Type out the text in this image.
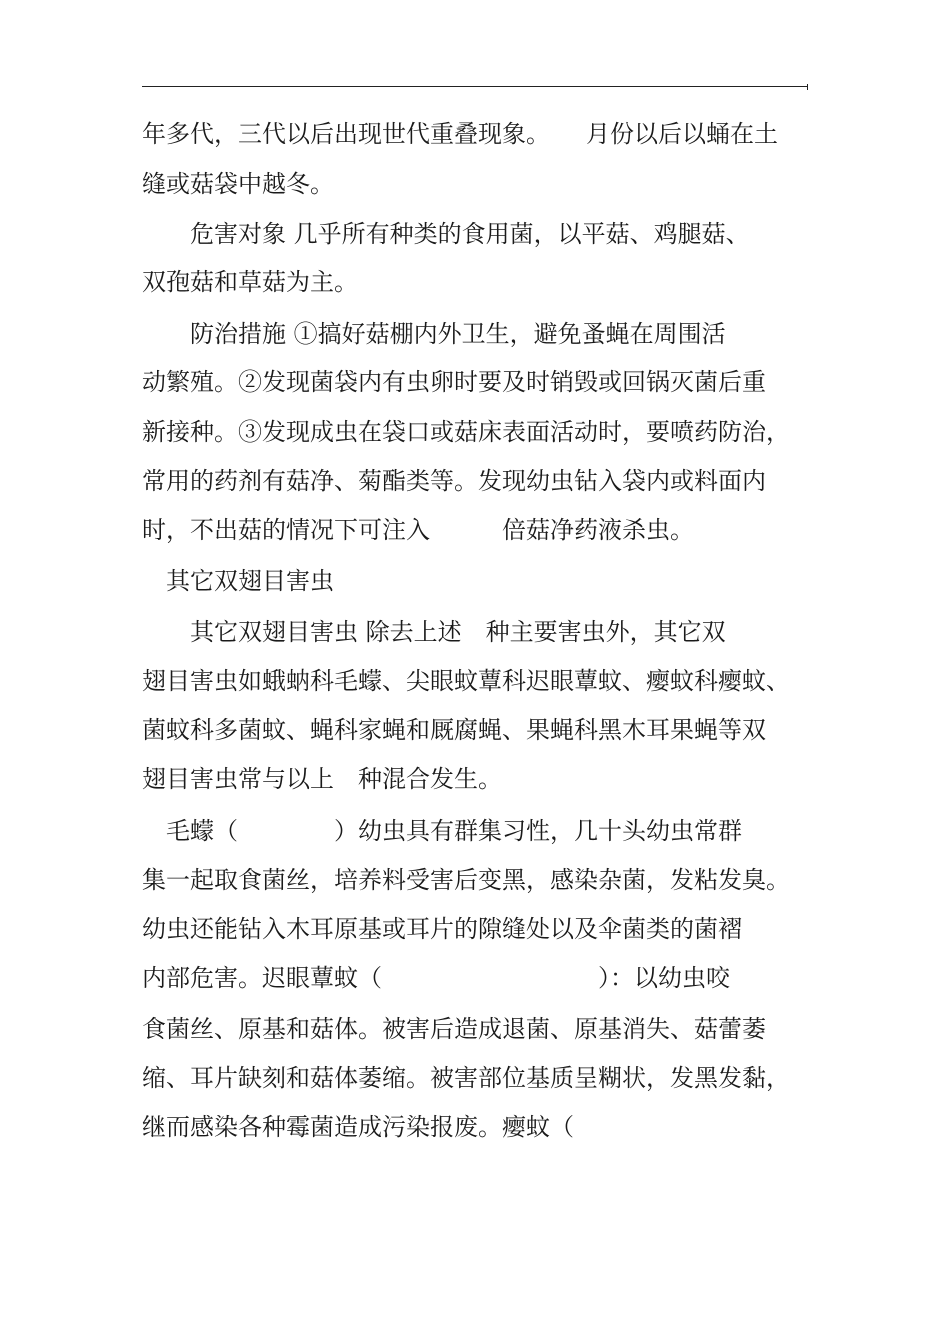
年多代，三代以后出现世代重叠现象。　　月份以后以蛹在土
缝或菇袋中越冬。
　　危害对象 几乎所有种类的食用菌，以平菇、鸡腿菇、
双孢菇和草菇为主。
　　防治措施 ①搞好菇棚内外卫生，避免蚤蝇在周围活
动繁殖。②发现菌袋内有虫卵时要及时销毁或回锅灭菌后重
新接种。③发现成虫在袋口或菇床表面活动时，要喷药防治，
常用的药剂有菇净、菊酯类等。发现幼虫钻入袋内或料面内
时，不出菇的情况下可注入　　　倍菇净药液杀虫。
　其它双翅目害虫
　　其它双翅目害虫 除去上述　种主要害虫外，其它双
翅目害虫如蛾蚋科毛蠓、尖眼蚊蕈科迟眼蕈蚊、瘿蚊科瘿蚊、
菌蚊科多菌蚊、蝇科家蝇和厩腐蝇、果蝇科黑木耳果蝇等双
翅目害虫常与以上　种混合发生。
　毛蠓（　　　　）幼虫具有群集习性，几十头幼虫常群
集一起取食菌丝，培养料受害后变黑，感染杂菌，发粘发臭。
幼虫还能钻入木耳原基或耳片的隙缝处以及伞菌类的菌褶
内部危害。迟眼蕈蚊（　　　　　　　　　）：以幼虫咬
食菌丝、原基和菇体。被害后造成退菌、原基消失、菇蕾萎
缩、耳片缺刻和菇体萎缩。被害部位基质呈糊状，发黑发黏，
继而感染各种霉菌造成污染报废。瘿蚊（
